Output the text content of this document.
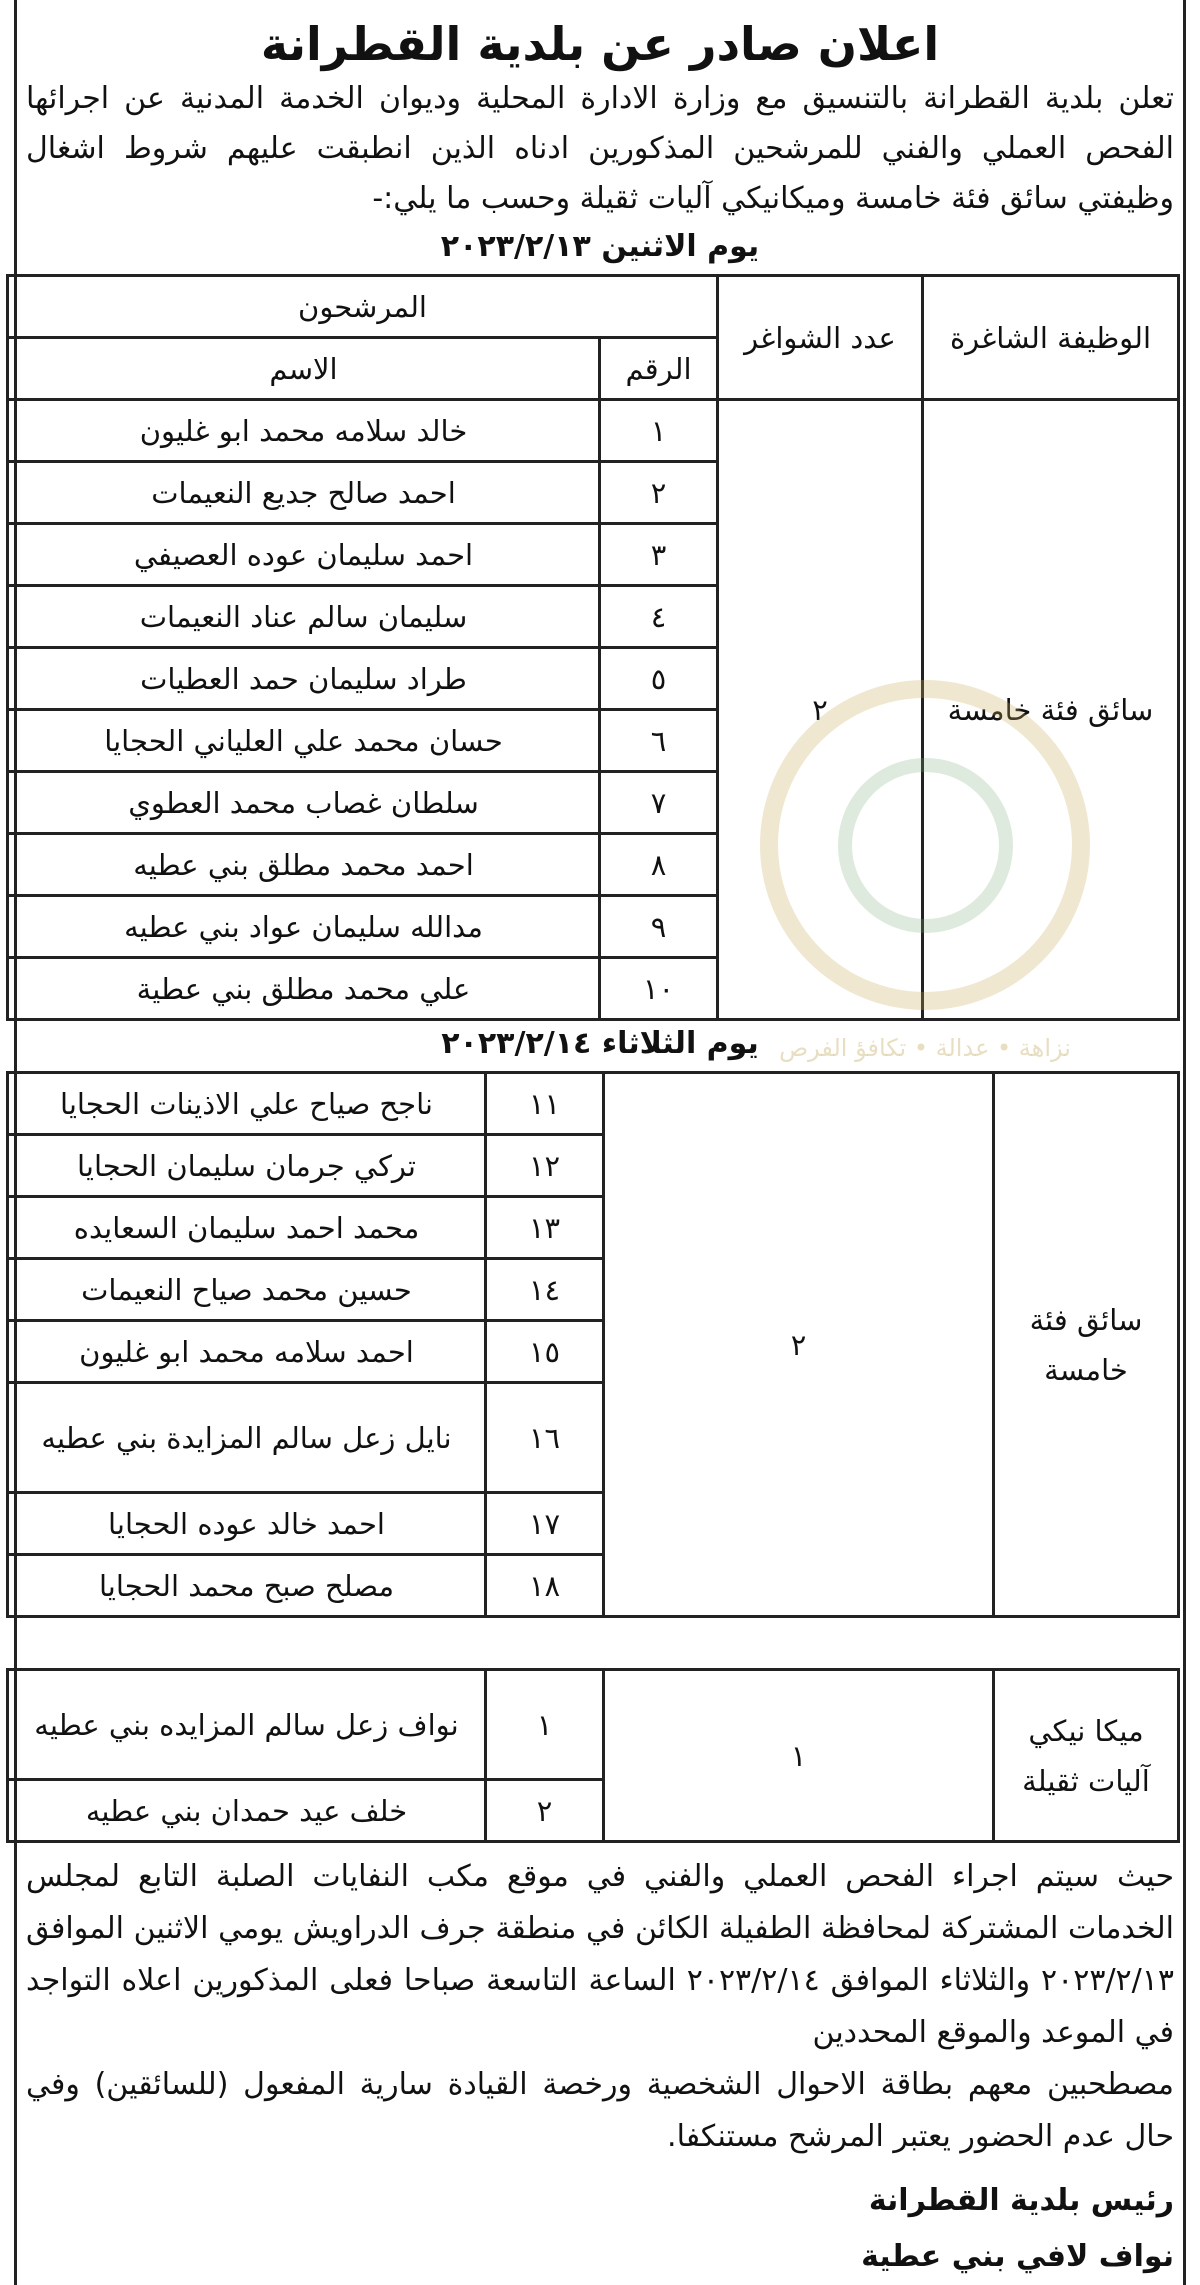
نزاهة • عدالة • تكافؤ الفرص
اعلان صادر عن بلدية القطرانة

تعلن بلدية القطرانة بالتنسيق مع وزارة الادارة المحلية وديوان الخدمة المدنية عن اجرائها الفحص العملي والفني للمرشحين المذكورين ادناه الذين انطبقت عليهم شروط اشغال وظيفتي سائق فئة خامسة وميكانيكي آليات ثقيلة وحسب ما يلي:-

يوم الاثنين ٢٠٢٣/٢/١٣
الوظيفة الشاغرة	عدد الشواغر	المرشحون	
		الرقم	الاسم
سائق فئة خامسة	٢	١	خالد سلامه محمد ابو غليون
		٢	احمد صالح جديع النعيمات
		٣	احمد سليمان عوده العصيفي
		٤	سليمان سالم عناد النعيمات
		٥	طراد سليمان حمد العطيات
		٦	حسان محمد علي العلياني الحجايا
		٧	سلطان غصاب محمد العطوي
		٨	احمد محمد مطلق بني عطيه
		٩	مدالله سليمان عواد بني عطيه
		١٠	علي محمد مطلق بني عطية
يوم الثلاثاء ٢٠٢٣/٢/١٤
سائق فئة خامسة	٢	١١	ناجح صياح علي الاذينات الحجايا
		١٢	تركي جرمان سليمان الحجايا
		١٣	محمد احمد سليمان السعايده
		١٤	حسين محمد صياح النعيمات
		١٥	احمد سلامه محمد ابو غليون
		١٦	نايل زعل سالم المزايدة بني عطيه
		١٧	احمد خالد عوده الحجايا
		١٨	مصلح صبح محمد الحجايا
ميكا نيكي آليات ثقيلة	١	١	نواف زعل سالم المزايده بني عطيه
		٢	خلف عيد حمدان بني عطيه

حيث سيتم اجراء الفحص العملي والفني في موقع مكب النفايات الصلبة التابع لمجلس الخدمات المشتركة لمحافظة الطفيلة الكائن في منطقة جرف الدراويش يومي الاثنين الموافق ٢٠٢٣/٢/١٣ والثلاثاء الموافق ٢٠٢٣/٢/١٤ الساعة التاسعة صباحا فعلى المذكورين اعلاه التواجد في الموعد والموقع المحددين

مصطحبين معهم بطاقة الاحوال الشخصية ورخصة القيادة سارية المفعول (للسائقين) وفي حال عدم الحضور يعتبر المرشح مستنكفا.

رئيس بلدية القطرانة
نواف لافي بني عطية
